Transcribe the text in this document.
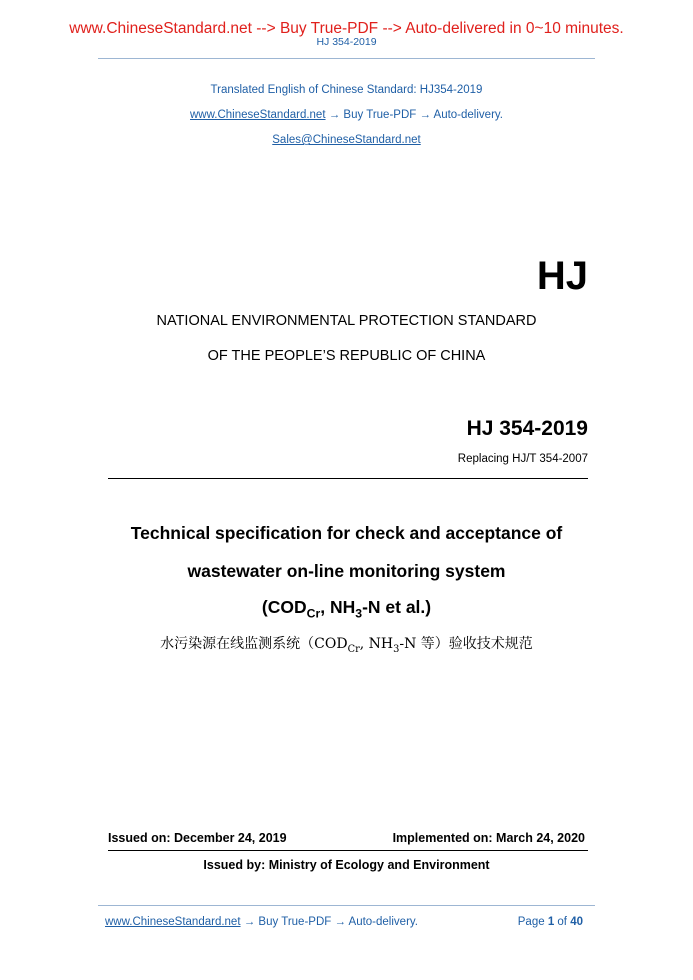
www.ChineseStandard.net --> Buy True-PDF --> Auto-delivered in 0~10 minutes.
HJ 354-2019
Translated English of Chinese Standard: HJ354-2019
www.ChineseStandard.net → Buy True-PDF → Auto-delivery.
Sales@ChineseStandard.net
HJ
NATIONAL ENVIRONMENTAL PROTECTION STANDARD
OF THE PEOPLE’S REPUBLIC OF CHINA
HJ 354-2019
Replacing HJ/T 354-2007
Technical specification for check and acceptance of
wastewater on-line monitoring system
($COD_{Cr}$, $NH_3-N$ et al.)
水污染源在线监测系统（$COD_{Cr}$, $NH_3-N$ 等）验收技术规范
Issued on: December 24, 2019	Implemented on: March 24, 2020
Issued by: Ministry of Ecology and Environment
www.ChineseStandard.net → Buy True-PDF → Auto-delivery.	Page 1 of 40
